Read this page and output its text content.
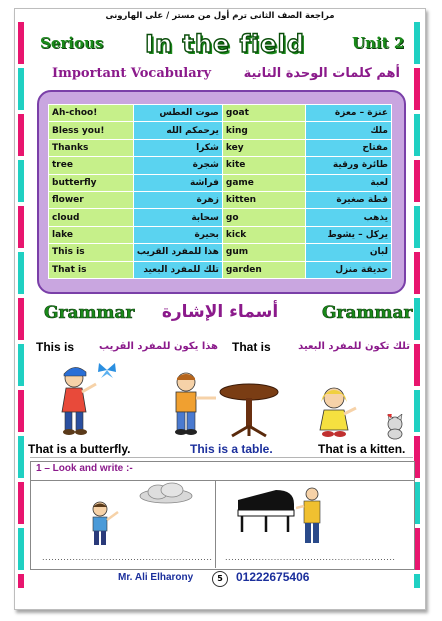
مراجعة الصف الثانى ترم أول من مستر / على الهارونى
Serious	In the field	Unit 2
Important Vocabulary	أهم كلمات الوحدة الثانية
Ah-choo!	صوت العطس	goat	عنزة – معزة
Bless you!	يرحمكم الله	king	ملك
Thanks	شكرا	key	مفتاح
tree	شجرة	kite	طائرة ورقية
butterfly	فراشة	game	لعبة
flower	زهرة	kitten	قطة صغيرة
cloud	سحابة	go	يذهب
lake	بحيرة	kick	يركل – يشوط
This is	هذا للمفرد القريب	gum	لبان
That is	تلك للمفرد البعيد	garden	حديقة منزل
Grammar أسماء الإشارة	Grammar
This is هذا يكون للمفرد القريب That is	تلك تكون للمفرد البعيد
That is a butterfly.	This is a table.	That is a kitten.
1 – Look and write :-
........................................................ ........................................................
Mr. Ali Elharony	5	01222675406
